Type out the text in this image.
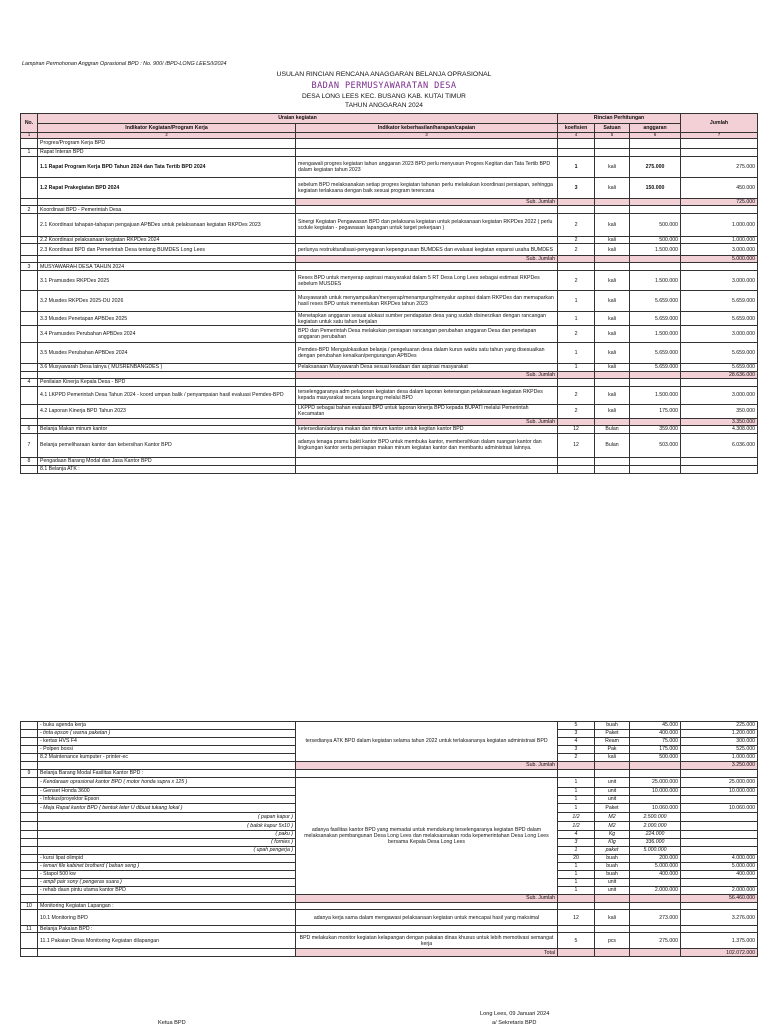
Lampiran Permohonan Anggran Oprasional BPD : No. 900/ /BPD-LONG LEES/I/2024
USULAN RINCIAN RENCANA ANAGGARAN BELANJA OPRASIONAL
BADAN PERMUSYAWARATAN DESA
DESA LONG LEES KEC. BUSANG KAB. KUTAI TIMUR
TAHUN ANGGARAN 2024
No.	Uraian kegiatan		Rincian Perhitungan			Jumlah
	Indikator Kegiatan/Program Kerja	Indikator keberhasilan/harapan/capaian	koefisien	Satuan	anggaran	
1	2	3	4	5	6	7
	Progres/Program Kerja BPD					
1	Rapat Interan BPD					
	1.1 Rapat Program Kerja BPD Tahun 2024 dan Tata Tertib BPD 2024	mengawali progres kegiatan tahun anggaran 2023 BPD perlu menyusun Progres Kegitan dan Tata Tertib BPD dalam kegiatan tahun 2023	1	kali	275.000	275.000
	1.2 Rapat Prakegiatan BPD 2024	sebelum BPD melaksanakan setiap progres kegiatan tahunan perlu melakukan koordinasi persiapan, sehingga kegiatan terlaksana dengan baik sesuai program terencana	3	kali	150.000	450.000
		Sub. Jumlah				725.000
2	Koordinasi BPD - Pemerintah Desa					
	2.1 Koordinasi tahapan-tahapan pengajuan APBDes untuk pelaksanaan kegiatan RKPDes 2023	Sinergi Kegiatan Pengawasan BPD dan pelaksana kegiatan untuk pelaksanaan kegiatan RKPDes 2022 ( perlu scdule kegiatan - pegawasan lapangan untuk target pekerjaan )	2	kali	500.000	1.000.000
	2.2 Koordinasi pelaksanaan kegiatan RKPDes 2024		2	kali	500.000	1.000.000
	2.3 Koordinasi BPD dan Pemerintah Desa tentang BUMDES Long Lees	perlunya restrukturalisasi-penyegaran kepengurusan BUMDES dan evaluasi kegiatan expansi usaha BUMDES	2	kali	1.500.000	3.000.000
		Sub. Jumlah				5.000.000
3	MUSYAWARAH DESA TAHUN 2024					
	3.1 Pramusdes RKPDes 2025	Reses BPD untuk menyerap aspirasi masyarakat dalam 5 RT Desa Long Lees sebagai estimasi RKPDes sebelum MUSDES	2	kali	1.500.000	3.000.000
	3.2 Musdes RKPDes 2025-DU 2026	Musyawarah untuk menyampaikan/menyerap/menampung/menyalur aspirasi dalam RKPDes dan memaparkan hasil reses BPD untuk menentukan RKPDes tahun 2023	1	kali	5.659.000	5.659.000
	3.3 Musdes Penetapan APBDes 2025	Menetapkan anggaran sesuai alokasi sumber pendapatan desa yang sudah disinerzikan dengan rancangan kegiatan untuk satu tahun berjalan	1	kali	5.659.000	5.659.000
	3.4 Pramusdes Perubahan APBDes 2024	BPD dan Pemerintah Desa melakukan persiapan rancangan perubahan anggaran Desa dan penetapan anggaran perubahan	2	kali	1.500.000	3.000.000
	3.5 Musdes Perubahan APBDes 2024	Pemdes-BPD Mengalokasikan belanja / pengeluaran desa dalam kurun waktu satu tahun yang disesuaikan dengan perubahan kenaikan/pengurangan APBDes	1	kali	5.659.000	5.659.000
	3.6 Musyawarah Desa lainya ( MUSRENBANGDES )	Pelaksanaan Musyawarah Desa sesuai keadaan dan aspirasi masyarakat	1	kali	5.659.000	5.659.000
		Sub. Jumlah				28.636.000
4	Penilaian Kinerja Kepala Desa - BPD					
	4.1 LKPPD Pemerintah Desa Tahun 2024 - koord umpan balik / penyampaian hasil evaluasi Pemdes-BPD	terselenggaranya adm pelaporan kegiatan desa dalam laporan keterangan pelaksanaan kegiatan RKPDes kepada masyarakat secara langsung melalui BPD	2	kali	1.500.000	3.000.000
	4.2 Laporan Kinerja BPD Tahun 2023	LKPPD sebagai bahan evaluasi BPD untuk laporan kinerja BPD kepada BUPATI melalui Pemerintah Kecamatan	2	kali	175.000	350.000
		Sub. Jumlah				3.350.000
6	Belanja Makan minum kantor	ketersedian/adanya makan dan minum kantor untuk kegitan kantor BPD	12	Bulan	359.000	4.308.000
7	Belanja pemeliharaan kantor dan kebersihan Kantor BPD	adanya tenaga pramu bakti kantor BPD untuk membuka kantor, membersihkan dalam ruangan kantor dan lingkungan kantor serta persiapan makan minum kegiatan kantor dan membantu administrasi lainnya.	12	Bulan	503.000	6.036.000
8	Pengadaan Barang Modal dan Jasa Kantor BPD					
	8.1 Belanja ATK :					
	- buku agenda kerja	tersedianya ATK BPD dalam kegiatan selama tahun 2022 untuk terlaksananya kegiatan administrasi BPD	5	buah	45.000	225.000
	- tinta epson ( warna paketan )		3	Paket	400.000	1.200.000
	- kertas HVS F4		4	Ream	75.000	300.000
	- Polpen boxsi		3	Pak	175.000	525.000
	8.2 Maintenance kumputer - printer-ec		2	kali	500.000	1.000.000
		Sub. Jumlah				3.250.000
9	Belanja Barang Modal Fasilitas Kantor BPD :					
	- Kendaraan oprasional kantor BPD ( motor honda supra x 125 )	adanya fasilitas kantor BPD yang memadai untuk mendukung terselengaranya kegiatan BPD dalam melaksanakan pembangunan Desa Long Lees dan melaksasnakan roda kepemerintahan Desa Long Lees bersama Kepala Desa Long Lees	1	unit	25.000.000	25.000.000
	- Genset Honda 3600		1	unit	10.000.000	10.000.000
	- Infokus/proyektor Epson		1	unit		
	- Meja Rapat kantor BPD ( bentuk leter U dibuat tukang lokal )		1	Paket	10.060.000	10.060.000
	( papan kapur )		1/2	M2	2.500.000	
	( balok kapur 5x10 )		1/2	M2	2.000.000	
	( paku )		4	Kg	224.000	
	( fornies )		3	Klg	336.000	
	( upah pengerja )		1	paket	5.000.000	
	- kursi lipat olimpid		20	buah	200.000	4.000.000
	- lemari file kabinet brotherd ( bahan seng )		1	buah	5.000.000	5.000.000
	- Stapol 500 kw		1	buah	400.000	400.000
	- ampli pair sony ( pengeras suara )		1	unit		
	- rehab daun pintu utama kantor BPD		1	unit	2.000.000	2.000.000
		Sub. Jumlah				56.460.000
10	Monitoring Kegiatan Lapangan :					
	10.1 Monitoring BPD	adanya kerja sama dalam mengawasi pelaksanaan kegiatan untuk mencapai hasil yang maksimal	12	kali	273.000	3.276.000
11	Belanja Pakaian BPD :					
	11.1 Pakaian Dinas Monitoring Kegiatan dilapangan	BPD melakukan monitor kegiatan kelapangan dengan pakaian dinas khusus untuk lebih memotivasi semangat kerja	5	pcs	275.000	1.375.000
		Total				102.072.000
Long Lees, 09 Januari 2024
Ketua BPD	a/ Sekretaris BPD
